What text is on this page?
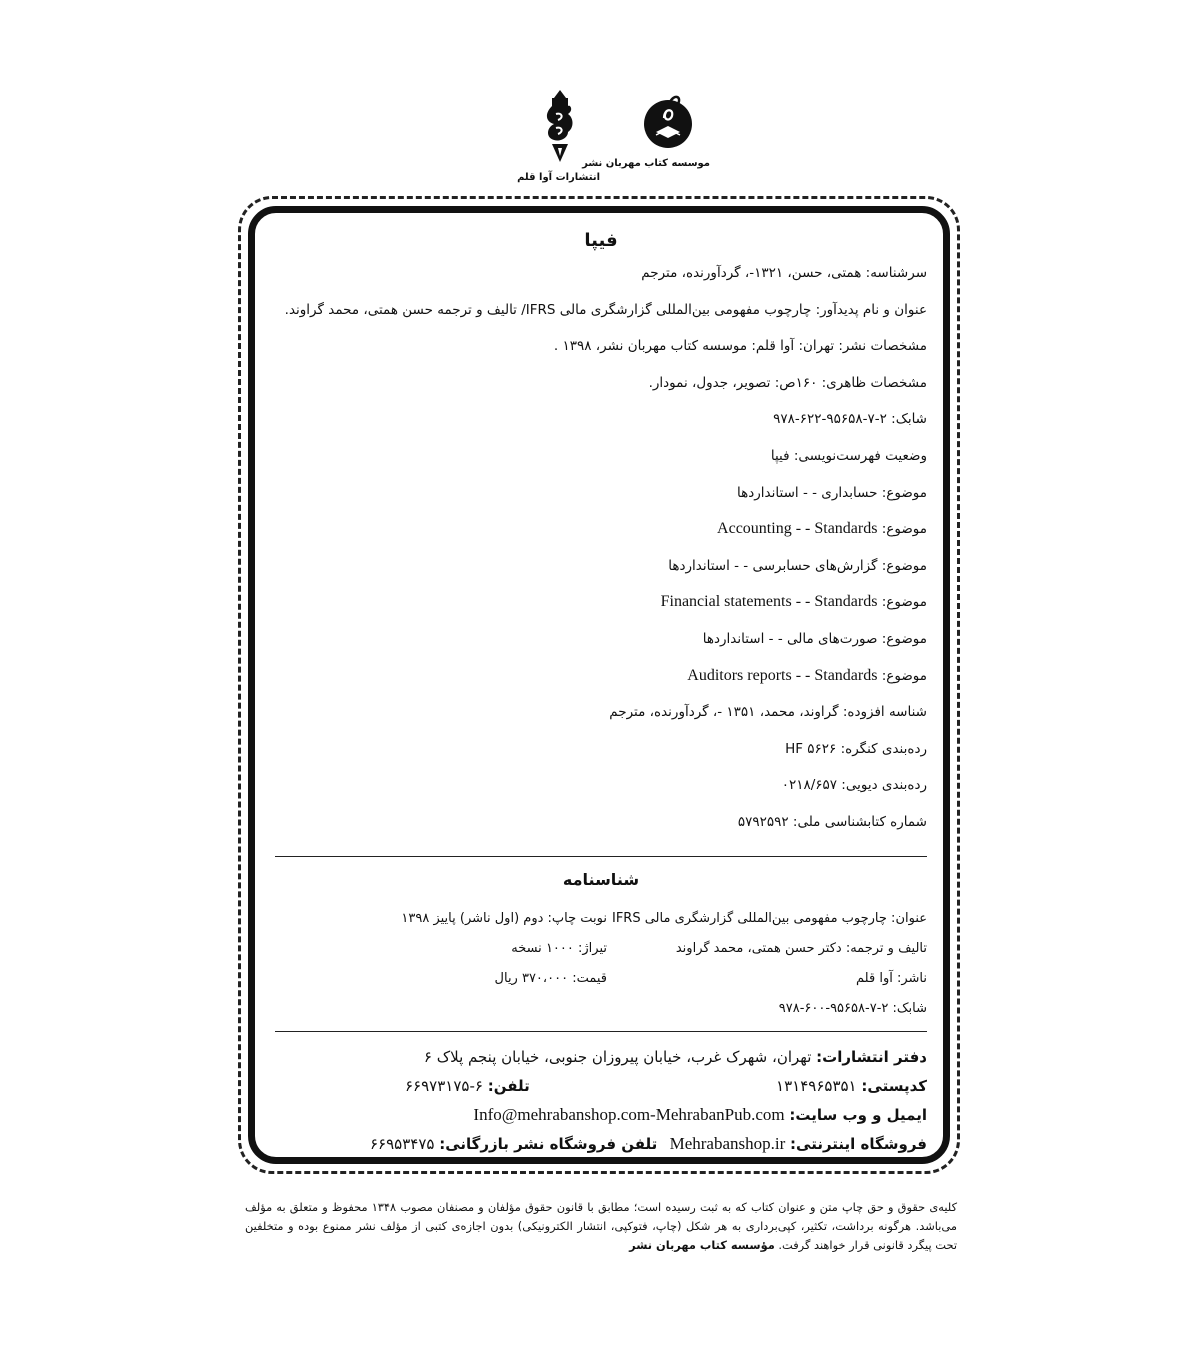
موسسه کتاب مهربان نشر
انتشارات آوا قلم
فیپا
سرشناسه: همتی، حسن، ۱۳۲۱-، گردآورنده، مترجم
عنوان و نام پدیدآور: چارچوب مفهومی بین‌المللی گزارشگری مالی IFRS/ تالیف و ترجمه حسن همتی، محمد گراوند.
مشخصات نشر: تهران: آوا قلم: موسسه کتاب مهربان نشر، ۱۳۹۸ .
مشخصات ظاهری: ۱۶۰ص: تصویر، جدول، نمودار.
شابک: ۲-۷-۹۵۶۵۸-۶۲۲-۹۷۸
وضعیت فهرست‌نویسی: فیپا
موضوع: حسابداری - - استانداردها
موضوع: Accounting - - Standards
موضوع: گزارش‌های حسابرسی - - استانداردها
موضوع: Financial statements - - Standards
موضوع: صورت‌های مالی - - استانداردها
موضوع: Auditors reports - - Standards
شناسه افزوده: گراوند، محمد، ۱۳۵۱ -، گردآورنده، مترجم
رده‌بندی کنگره: ۵۶۲۶ HF
رده‌بندی دیویی: ۰۲۱۸/۶۵۷
شماره کتابشناسی ملی: ۵۷۹۲۵۹۲
شناسنامه
عنوان: چارچوب مفهومی بین‌المللی گزارشگری مالی IFRS
نوبت چاپ: دوم (اول ناشر) پاییز ۱۳۹۸
تالیف و ترجمه: دکتر حسن همتی، محمد گراوند
تیراژ: ۱۰۰۰ نسخه
ناشر: آوا قلم
قیمت: ۳۷۰،۰۰۰ ریال
شابک: ۲-۷-۹۵۶۵۸-۶۰۰-۹۷۸
دفتر انتشارات: تهران، شهرک غرب، خیابان پیروزان جنوبی، خیابان پنجم پلاک ۶
کدپستی: ۱۳۱۴۹۶۵۳۵۱
تلفن: ۶-۶۶۹۷۳۱۷۵
ایمیل و وب سایت: Info@mehrabanshop.com-MehrabanPub.com
فروشگاه اینترنتی: Mehrabanshop.ir
تلفن فروشگاه نشر بازرگانی: ۶۶۹۵۳۴۷۵
کلیه‌ی حقوق و حق چاپ متن و عنوان کتاب که به ثبت رسیده است؛ مطابق با قانون حقوق مؤلفان و مصنفان مصوب ۱۳۴۸ محفوظ و متعلق به مؤلف می‌باشد. هرگونه برداشت، تکثیر، کپی‌برداری به هر شکل (چاپ، فتوکپی، انتشار الکترونیکی) بدون اجازه‌ی کتبی از مؤلف نشر ممنوع بوده و متخلفین تحت پیگرد قانونی قرار خواهند گرفت. مؤسسه کتاب مهربان نشر
